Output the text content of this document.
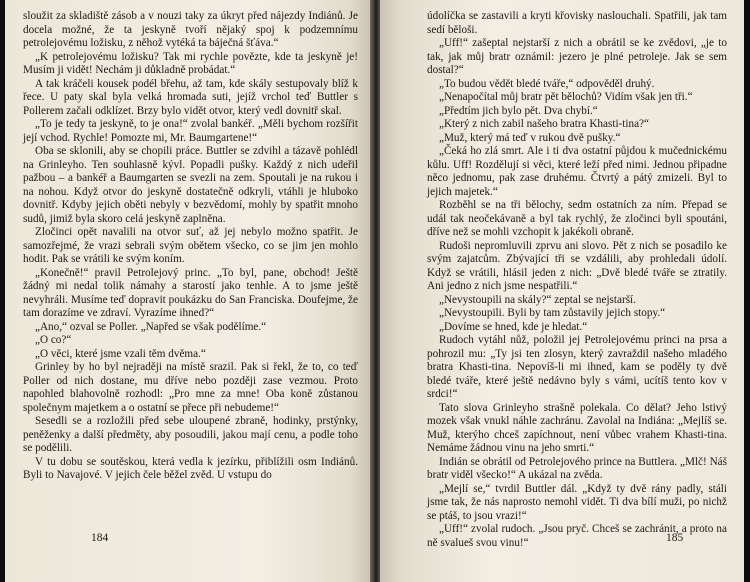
sloužit za skladiště zásob a v nouzi taky za úkryt před nájezdy Indiánů. Je docela možné, že ta jeskyně tvoří nějaký spoj k podzemnímu petrolejovému ložisku, z něhož vytéká ta báječná šťáva.“

„K petrolejovému ložisku? Tak mi rychle povězte, kde ta jeskyně je! Musím ji vidět! Nechám ji důkladně probádat.“

A tak kráčeli kousek podél břehu, až tam, kde skály sestupovaly blíž k řece. U paty skal byla velká hromada suti, jejíž vrchol teď Buttler s Pollerem začali odklízet. Brzy bylo vidět otvor, který vedl dovnitř skal.

„To je tedy ta jeskyně, to je ona!“ zvolal bankéř. „Měli bychom rozšířit její vchod. Rychle! Pomozte mi, Mr. Baumgartene!“

Oba se sklonili, aby se chopili práce. Buttler se zdvihl a tázavě pohlédl na Grinleyho. Ten souhlasně kývl. Popadli pušky. Každý z nich udeřil pažbou – a bankéř a Baumgarten se svezli na zem. Spoutali je na rukou i na nohou. Když otvor do jeskyně dostatečně odkryli, vtáhli je hluboko dovnitř. Kdyby jejich oběti nebyly v bezvědomí, mohly by spatřit mnoho sudů, jimiž byla skoro celá jeskyně zaplněna.

Zločinci opět navalili na otvor suť, až jej nebylo možno spatřit. Je samozřejmé, že vrazi sebrali svým obětem všecko, co se jim jen mohlo hodit. Pak se vrátili ke svým koním.

„Konečně!“ pravil Petrolejový princ. „To byl, pane, obchod! Ještě žádný mi nedal tolik námahy a starostí jako tenhle. A to jsme ještě nevyhráli. Musíme teď dopravit poukázku do San Franciska. Doufejme, že tam dorazíme ve zdraví. Vyrazíme ihned?“

„Ano,“ ozval se Poller. „Napřed se však podělíme.“

„O co?“

„O věci, které jsme vzali těm dvěma.“

Grinley by ho byl nejraději na místě srazil. Pak si řekl, že to, co teď Poller od nich dostane, mu dříve nebo později zase vezmou. Proto napohled blahovolně rozhodl: „Pro mne za mne! Oba koně zůstanou společnym majetkem a o ostatní se přece při nebudeme!“

Sesedli se a rozložili před sebe uloupené zbraně, hodinky, prstýnky, peněženky a další předměty, aby posoudili, jakou mají cenu, a podle toho se podělili.

V tu dobu se soutěskou, která vedla k jezírku, přiblížili osm Indiánů. Byli to Navajové. V jejich čele běžel zvěd. U vstupu do

184

údolíčka se zastavili a kryti křovisky naslouchali. Spatřili, jak tam sedí běloši.

„Uff!“ zašeptal nejstarší z nich a obrátil se ke zvědovi, „je to tak, jak můj bratr oznámil: jezero je plné petroleje. Jak se sem dostal?“

„To budou vědět bledé tváře,“ odpověděl druhý.

„Nenapočítal můj bratr pět bělochů? Vidím však jen tři.“

„Předtím jich bylo pět. Dva chybí.“

„Který z nich zabil našeho bratra Khasti-tina?“

„Muž, který má teď v rukou dvě pušky.“

„Čeká ho zlá smrt. Ale i ti dva ostatní půjdou k mučednickému kůlu. Uff! Rozdělují si věci, které leží před nimi. Jednou připadne něco jednomu, pak zase druhému. Čtvrtý a pátý zmizeli. Byl to jejich majetek.“

Rozběhl se na tři bělochy, sedm ostatních za ním. Přepad se udál tak neočekávaně a byl tak rychlý, že zločinci byli spoutáni, dříve než se mohli vzchopit k jakékoli obraně.

Rudoši nepromluvili zprvu ani slovo. Pět z nich se posadilo ke svým zajatcům. Zbývající tři se vzdálili, aby prohledali údolí. Když se vrátili, hlásil jeden z nich: „Dvě bledé tváře se ztratily. Ani jedno z nich jsme nespatřili.“

„Nevystoupili na skály?“ zeptal se nejstarší.

„Nevystoupili. Byli by tam zůstavily jejich stopy.“

„Dovíme se hned, kde je hledat.“

Rudoch vytáhl nůž, položil jej Petrolejovému princi na prsa a pohrozil mu: „Ty jsi ten zlosyn, který zavraždil našeho mladého bratra Khasti-tina. Nepovíš-li mi ihned, kam se poděly ty dvě bledé tváře, které ještě nedávno byly s vámi, ucítíš tento kov v srdci!“

Tato slova Grinleyho strašně polekala. Co dělat? Jeho lstivý mozek však vnukl náhle zachránu. Zavolal na Indiána: „Mejlíš se. Muž, kterýho chceš zapíchnout, není vůbec vrahem Khasti-tina. Nemáme žádnou vinu na jeho smrti.“

Indián se obrátil od Petrolejového prince na Buttlera. „Mlč! Náš bratr viděl všecko!“ A ukázal na zvěda.

„Mejlí se,“ tvrdil Buttler dál. „Když ty dvě rány padly, stáli jsme tak, že nás naprosto nemohl vidět. Ti dva bílí muži, po nichž se ptáš, to jsou vrazi!“

„Uff!“ zvolal rudoch. „Jsou pryč. Chceš se zachránit, a proto na ně svalueš svou vinu!“	185
